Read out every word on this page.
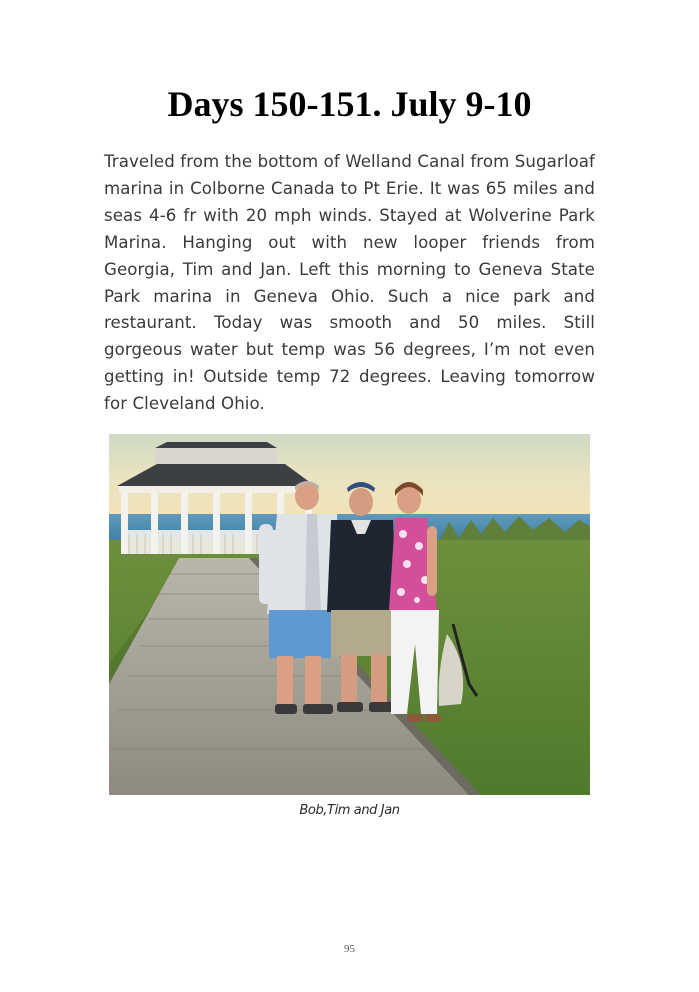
Days 150-151. July 9-10

Traveled from the bottom of Welland Canal from Sugarloaf marina in Colborne Canada to Pt Erie. It was 65 miles and seas 4-6 fr with 20 mph winds. Stayed at Wolverine Park Marina. Hanging out with new looper friends from Georgia, Tim and Jan. Left this morning to Geneva State Park marina in Geneva Ohio. Such a nice park and restaurant. Today was smooth and 50 miles. Still gorgeous water but temp was 56 degrees, I’m not even getting in! Outside temp 72 degrees. Leaving tomorrow for Cleveland Ohio.

Bob,Tim and Jan
95
